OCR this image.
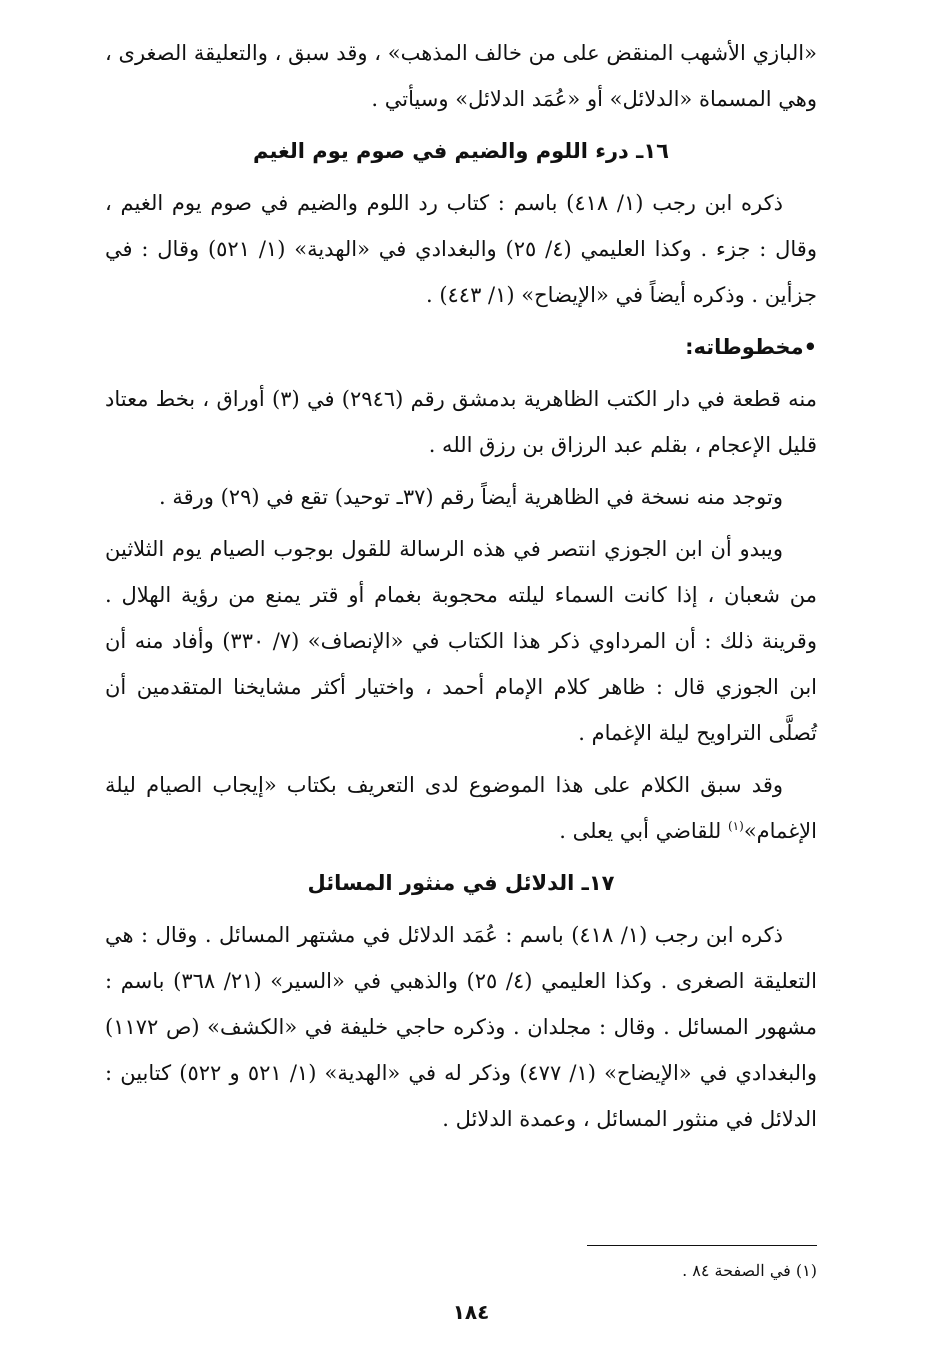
«البازي الأشهب المنقض على من خالف المذهب» ، وقد سبق ، والتعليقة الصغرى ، وهي المسماة «الدلائل» أو «عُمَد الدلائل» وسيأتي .

١٦ـ درء اللوم والضيم في صوم يوم الغيم

ذكره ابن رجب (١/ ٤١٨) باسم : كتاب رد اللوم والضيم في صوم يوم الغيم ، وقال : جزء . وكذا العليمي (٤/ ٢٥) والبغدادي في «الهدية» (١/ ٥٢١) وقال : في جزأين . وذكره أيضاً في «الإيضاح» (١/ ٤٤٣) .

•مخطوطاته:

منه قطعة في دار الكتب الظاهرية بدمشق رقم (٢٩٤٦) في (٣) أوراق ، بخط معتاد قليل الإعجام ، بقلم عبد الرزاق بن رزق الله .

وتوجد منه نسخة في الظاهرية أيضاً رقم (٣٧ـ توحيد) تقع في (٢٩) ورقة .

ويبدو أن ابن الجوزي انتصر في هذه الرسالة للقول بوجوب الصيام يوم الثلاثين من شعبان ، إذا كانت السماء ليلته محجوبة بغمام أو قتر يمنع من رؤية الهلال . وقرينة ذلك : أن المرداوي ذكر هذا الكتاب في «الإنصاف» (٧/ ٣٣٠) وأفاد منه أن ابن الجوزي قال : ظاهر كلام الإمام أحمد ، واختيار أكثر مشايخنا المتقدمين أن تُصلَّى التراويح ليلة الإغمام .

وقد سبق الكلام على هذا الموضوع لدى التعريف بكتاب «إيجاب الصيام ليلة الإغمام»$^{(١)}$ للقاضي أبي يعلى .

١٧ـ الدلائل في منثور المسائل

ذكره ابن رجب (١/ ٤١٨) باسم : عُمَد الدلائل في مشتهر المسائل . وقال : هي التعليقة الصغرى . وكذا العليمي (٤/ ٢٥) والذهبي في «السير» (٢١/ ٣٦٨) باسم : مشهور المسائل . وقال : مجلدان . وذكره حاجي خليفة في «الكشف» (ص ١١٧٢) والبغدادي في «الإيضاح» (١/ ٤٧٧) وذكر له في «الهدية» (١/ ٥٢١ و ٥٢٢) كتابين : الدلائل في منثور المسائل ، وعمدة الدلائل .

(١) في الصفحة ٨٤ .
١٨٤
